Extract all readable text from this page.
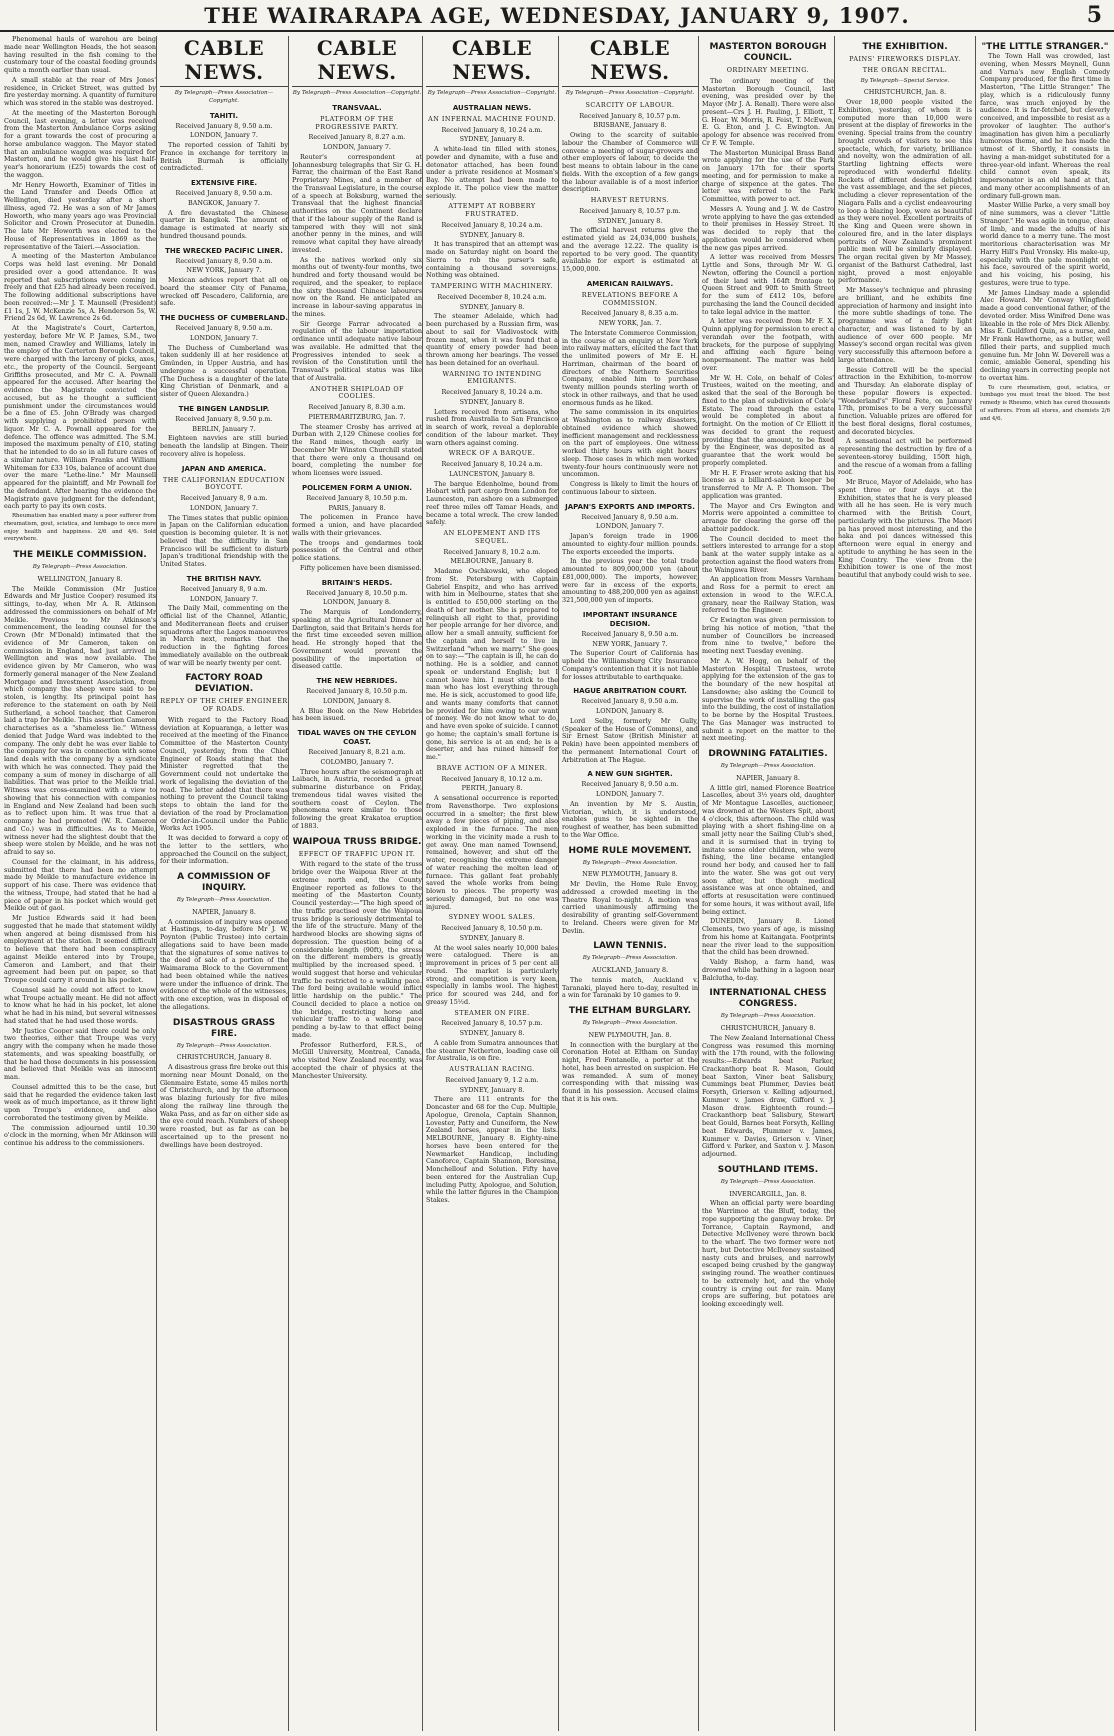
THE WAIRARAPA AGE, WEDNESDAY, JANUARY 9, 1907.	5

Phenomenal hauls of warehou are being made near Wellington Heads, the hot season having resulted in the fish coming to the customary tour of the coastal feeding grounds quite a month earlier than usual.

A small stable at the rear of Mrs Jones' residence, in Cricket Street, was gutted by fire yesterday morning. A quantity of furniture which was stored in the stable was destroyed.

At the meeting of the Masterton Borough Council, last evening, a letter was received from the Masterton Ambulance Corps asking for a grant towards the cost of procuring a horse ambulance waggon. The Mayor stated that an ambulance waggon was required for Masterton, and he would give his last half-year's honorarium (£25) towards the cost of the waggon.

Mr Henry Howorth, Examiner of Titles in the Land Transfer and Deeds Office at Wellington, died yesterday after a short illness, aged 72. He was a son of Mr James Howorth, who many years ago was Provincial Solicitor and Crown Prosecutor at Dunedin. The late Mr Howorth was elected to the House of Representatives in 1869 as the representative of the Taieri.—Association.

A meeting of the Masterton Ambulance Corps was held last evening. Mr Donald presided over a good attendance. It was reported that subscriptions were coming in freely and that £25 had already been received. The following additional subscriptions have been received:—Mr J. T. Maunsell (President) £1 1s, J. W. McKenzie 5s, A. Henderson 5s, W. Friend 2s 6d, W. Lawrence 2s 6d.

At the Magistrate's Court, Carterton, yesterday, before Mr W. P. James, S.M., two men, named Crawley and Williams, lately in the employ of the Carterton Borough Council, were charged with the larceny of picks, axes, etc., the property of the Council. Sergeant Griffiths prosecuted, and Mr C. A. Pownall appeared for the accused. After hearing the evidence the Magistrate convicted the accused, but as he thought a sufficient punishment under the circumstances would be a fine of £5. John O'Brady was charged with supplying a prohibited person with liquor. Mr C. A. Pownall appeared for the defence. The offence was admitted. The S.M. imposed the maximum penalty of £10, stating that he intended to do so in all future cases of a similar nature. William Franks and William Whiteman for £33 10s, balance of account due over the mare "Lethe-line." Mr Maunsell appeared for the plaintiff, and Mr Pownall for the defendant. After hearing the evidence the Magistrate gave judgment for the defendant, each party to pay its own costs.

Rheumatism has enabled many a poor sufferer from rheumatism, gout, sciatica, and lumbago to once more enjoy health and happiness. 2/6 and 4/6. Sold everywhere.

THE MEIKLE COMMISSION.
By Telegraph—Press Association.
WELLINGTON, January 8.

The Meikle Commission (Mr Justice Edwards and Mr Justice Cooper) resumed its sittings, to-day, when Mr A. R. Atkinson addressed the commissioners on behalf of Mr Meikle. Previous to Mr Atkinson's commencement, the leading counsel for the Crown (Mr M'Donald) intimated that the evidence of Mr Cameron, taken on commission in England, had just arrived in Wellington and was now available. The evidence given by Mr Cameron, who was formerly general manager of the New Zealand Mortgage and Investment Association, from which company the sheep were said to be stolen, is lengthy. Its principal point has reference to the statement on oath by Neil Sutherland, a school teacher, that Cameron laid a trap for Meikle. This assertion Cameron characterises as a "shameless lie." Witness denied that Judge Ward was indebted to the company. The only debt he was ever liable to the company for was in connection with some land deals with the company by a syndicate with which he was connected. They paid the company a sum of money in discharge of all liabilities. That was prior to the Meikle trial. Witness was cross-examined with a view to showing that his connection with companies in England and New Zealand had been such as to reflect upon him. It was true that a company he had promoted (W. R. Cameron and Co.) was in difficulties. As to Meikle, witness never had the slightest doubt that the sheep were stolen by Meikle, and he was not afraid to say so.

Counsel for the claimant, in his address, submitted that there had been no attempt made by Meikle to manufacture evidence in support of his case. There was evidence that the witness, Troupe, had stated that he had a piece of paper in his pocket which would get Meikle out of gaol.

Mr Justice Edwards said it had been suggested that he made that statement wildly when angered at being dismissed from his employment at the station. It seemed difficult to believe that there had been conspiracy against Meikle entered into by Troupe, Cameron and Lambert, and that their agreement had been put on paper, so that Troupe could carry it around in his pocket.

Counsel said he could not affect to know what Troupe actually meant. He did not affect to know what he had in his pocket, let alone what he had in his mind, but several witnesses had stated that he had used those words.

Mr Justice Cooper said there could be only two theories, either that Troupe was very angry with the company when he made those statements, and was speaking boastfully, or that he had those documents in his possession and believed that Meikle was an innocent man.

Counsel admitted this to be the case, but said that he regarded the evidence taken last week as of much importance, as it threw light upon Troupe's evidence, and also corroborated the testimony given by Meikle.

The commission adjourned until 10.30 o'clock in the morning, when Mr Atkinson will continue his address to the commissioners.

CABLE NEWS.
By Telegraph—Press Association—Copyright.
TAHITI.
Received January 8, 9.50 a.m.
LONDON, January 7.

The reported cession of Tahiti by France in exchange for territory in British Burmah is officially contradicted.

EXTENSIVE FIRE.
Received January 8, 9.50 a.m.
BANGKOK, January 7.

A fire devastated the Chinese quarter in Bangkok. The amount of damage is estimated at nearly six hundred thousand pounds.

THE WRECKED PACIFIC LINER.
Received January 8, 9.50 a.m.
NEW YORK, January 7.

Mexican advices report that all on board the steamer City of Panama, wrecked off Pescadero, California, are safe.

THE DUCHESS OF CUMBERLAND.
Received January 8, 9.50 a.m.
LONDON, January 7.

The Duchess of Cumberland was taken suddenly ill at her residence at Gmünden, in Upper Austria, and has undergone a successful operation. (The Duchess is a daughter of the late King Christian of Denmark, and a sister of Queen Alexandra.)

THE BINGEN LANDSLIP.
Received January 8, 9.50 p.m.
BERLIN, January 7.

Eighteen navvies are still buried beneath the landslip at Bingen. Their recovery alive is hopeless.

JAPAN AND AMERICA.
THE CALIFORNIAN EDUCATION BOYCOTT.
Received January 8, 9 a.m.
LONDON, January 7.

The Times states that public opinion in Japan on the Californian education question is becoming quieter. It is not believed that the difficulty in San Francisco will be sufficient to disturb Japan's traditional friendship with the United States.

THE BRITISH NAVY.
Received January 8, 9 a.m.
LONDON, January 7.

The Daily Mail, commenting on the official list of the Channel, Atlantic, and Mediterranean fleets and cruiser squadrons after the Lagos manoeuvres in March next, remarks that the reduction in the fighting forces immediately available on the outbreak of war will be nearly twenty per cent.

FACTORY ROAD DEVIATION.
REPLY OF THE CHIEF ENGINEER OF ROADS.

With regard to the Factory Road deviation at Kopuaranga, a letter was received at the meeting of the Finance Committee of the Masterton County Council, yesterday, from the Chief Engineer of Roads stating that the Minister regretted that the Government could not undertake the work of legalising the deviation of the road. The letter added that there was nothing to prevent the Council taking steps to obtain the land for the deviation of the road by Proclamation or Order-in-Council under the Public Works Act 1905.

It was decided to forward a copy of the letter to the settlers, who approached the Council on the subject, for their information.

A COMMISSION OF INQUIRY.
By Telegraph—Press Association.
NAPIER, January 8.

A commission of inquiry was opened at Hastings, to-day, before Mr J. W. Poynton (Public Trustee) into certain allegations said to have been made that the signatures of some natives to the deed of sale of a portion of the Waimarama Block to the Government had been obtained while the natives were under the influence of drink. The evidence of the whole of the witnesses, with one exception, was in disposal of the allegations.

DISASTROUS GRASS FIRE.
By Telegraph—Press Association.
CHRISTCHURCH, January 8.

A disastrous grass fire broke out this morning near Mount Donald, on the Glenmaire Estate, some 45 miles north of Christchurch, and by the afternoon was blazing furiously for five miles along the railway line through the Waka Pass, and as far on either side as the eye could reach. Numbers of sheep were roasted, but as far as can be ascertained up to the present no dwellings have been destroyed.

CABLE NEWS.
By Telegraph—Press Association—Copyright.
TRANSVAAL.
PLATFORM OF THE PROGRESSIVE PARTY.
Received January 8, 8.27 a.m.
LONDON, January 7.

Reuter's correspondent at Johannesburg telegraphs that Sir G. H. Farrar, the chairman of the East Rand Proprietary Mines, and a member of the Transvaal Legislature, in the course of a speech at Boksburg, warned the Transvaal that the highest financial authorities on the Continent declare that if the labour supply of the Rand is tampered with they will not sink another penny in the mines, and will remove what capital they have already invested.

As the natives worked only six months out of twenty-four months, two hundred and forty thousand would be required, and the speaker, to replace the sixty thousand Chinese labourers now on the Rand. He anticipated an increase in labour-saving apparatus in the mines.

Sir George Farrar advocated a regulation of the labour importation ordinance until adequate native labour was available. He admitted that the Progressives intended to seek a revision of the Constitution until the Transvaal's political status was like that of Australia.

ANOTHER SHIPLOAD OF COOLIES.
Received January 8, 8.30 a.m.
PIETERMARITZBURG, Jan. 7.

The steamer Crosby has arrived at Durban with 2,129 Chinese coolies for the Rand mines, though early in December Mr Winston Churchill stated that there were only a thousand on board, completing the number for whom licenses were issued.

POLICEMEN FORM A UNION.
Received January 8, 10.50 p.m.
PARIS, January 8.

The policemen in France have formed a union, and have placarded walls with their grievances.

The troops and gendarmes took possession of the Central and other police stations.

Fifty policemen have been dismissed.

BRITAIN'S HERDS.
Received January 8, 10.50 p.m.
LONDON, January 8.

The Marquis of Londonderry, speaking at the Agricultural Dinner at Darlington, said that Britain's herds for the first time exceeded seven million head. He strongly hoped that the Government would prevent the possibility of the importation of diseased cattle.

THE NEW HEBRIDES.
Received January 8, 10.50 p.m.
LONDON, January 8.

A Blue Book on the New Hebrides has been issued.

TIDAL WAVES ON THE CEYLON COAST.
Received January 8, 8.21 a.m.
COLOMBO, January 7.

Three hours after the seismograph at Laibach, in Austria, recorded a great submarine disturbance on Friday, tremendous tidal waves visited the southern coast of Ceylon. The phenomena were similar to those following the great Krakatoa eruption of 1883.

WAIPOUA TRUSS BRIDGE.
EFFECT OF TRAFFIC UPON IT.

With regard to the state of the truss bridge over the Waipoua River at the extreme north end, the County Engineer reported as follows to the meeting of the Masterton County Council yesterday:—"The high speed of the traffic practised over the Waipoua truss bridge is seriously detrimental to the life of the structure. Many of the hardwood blocks are showing signs of depression. The question being of a considerable length (90ft), the stress on the different members is greatly multiplied by the increased speed. I would suggest that horse and vehicular traffic be restricted to a walking pace. The ford being available would inflict little hardship on the public." The Council decided to place a notice on the bridge, restricting horse and vehicular traffic to a walking pace pending a by-law to that effect being made.

Professor Rutherford, F.R.S., of McGill University, Montreal, Canada, who visited New Zealand recently, was accepted the chair of physics at the Manchester University.

CABLE NEWS.
By Telegraph—Press Association—Copyright.
AUSTRALIAN NEWS.
AN INFERNAL MACHINE FOUND.
Received January 8, 10.24 a.m.
SYDNEY, January 8.

A white-lead tin filled with stones, powder and dynamite, with a fuse and detonator attached, has been found under a private residence at Mosman's Bay. No attempt had been made to explode it. The police view the matter seriously.

ATTEMPT AT ROBBERY FRUSTRATED.
Received January 8, 10.24 a.m.
SYDNEY, January 8.

It has transpired that an attempt was made on Saturday night on board the Sierra to rob the purser's safe, containing a thousand sovereigns. Nothing was obtained.

TAMPERING WITH MACHINERY.
Received December 8, 10.24 a.m.
SYDNEY, January 8.

The steamer Adelaide, which had been purchased by a Russian firm, was about to sail for Vladivostock with frozen meat, when it was found that a quantity of emery powder had been thrown among her bearings. The vessel has been detained for an overhaul.

WARNING TO INTENDING EMIGRANTS.
Received January 8, 10.24 a.m.
SYDNEY, January 8.

Letters received from artisans, who rushed from Australia to San Francisco in search of work, reveal a deplorable condition of the labour market. They warn others against coming.

WRECK OF A BARQUE.
Received January 8, 10.24 a.m.
LAUNCESTON, January 8.

The barque Edenholme, bound from Hobart with part cargo from London for Launceston, ran ashore on a submerged reef three miles off Tamar Heads, and became a total wreck. The crew landed safely.

AN ELOPEMENT AND ITS SEQUEL.
Received January 8, 10.2 a.m.
MELBOURNE, January 8.

Madame Oschkowski, who eloped from St. Petersburg with Captain Gabriel Enspitz, and who has arrived with him in Melbourne, states that she is entitled to £50,000 sterling on the death of her mother. She is prepared to relinquish all right to that, providing her people arrange for her divorce, and allow her a small annuity, sufficient for the captain and herself to live in Switzerland "when we marry." She goes on to say:—"The captain is ill, he can do nothing. He is a soldier, and cannot speak or understand English; but I cannot leave him. I must stick to the man who has lost everything through me. He is sick, accustomed to good life, and wants many comforts that cannot be provided for him owing to our want of money. We do not know what to do, and have even spoke of suicide. I cannot go home; the captain's small fortune is gone, his service is at an end; he is a deserter, and has ruined himself for me."

BRAVE ACTION OF A MINER.
Received January 8, 10.12 a.m.
PERTH, January 8.

A sensational occurrence is reported from Ravensthorpe. Two explosions occurred in a smelter; the first blew away a few pieces of piping, and also exploded in the furnace. The men working in the vicinity made a rush to get away. One man named Townsend, remained, however, and shut off the water, recognising the extreme danger of water reaching the molten lead of furnace. This gallant feat probably saved the whole works from being blown to pieces. The property was seriously damaged, but no one was injured.

SYDNEY WOOL SALES.
Received January 8, 10.50 p.m.
SYDNEY, January 8.

At the wool sales nearly 10,000 bales were catalogued. There is an improvement in prices of 5 per cent all round. The market is particularly strong, and competition is very keen, especially in lambs wool. The highest price for scoured was 24d, and for greasy 15½d.

STEAMER ON FIRE.
Received January 8, 10.57 p.m.
SYDNEY, January 8.

A cable from Sumatra announces that the steamer Netherton, loading case oil for Australia, is on fire.

AUSTRALIAN RACING.
Received January 9, 1.2 a.m.
SYDNEY, January 8.

There are 111 entrants for the Doncaster and 68 for the Cup. Multiple, Apologue, Grenola, Captain Shannon, Lovester, Patty and Cuneiform, the New Zealand horses, appear in the lists. MELBOURNE, January 8. Eighty-nine horses have been entered for the Newmarket Handicap, including Canoforce, Captain Shannon, Boresima, Monchellouf and Solution. Fifty have been entered for the Australian Cup, including Putty, Apologue, and Solution, while the latter figures in the Champion Stakes.

CABLE NEWS.
By Telegraph—Press Association—Copyright.
SCARCITY OF LABOUR.
Received January 8, 10.57 p.m.
BRISBANE, January 8.

Owing to the scarcity of suitable labour the Chamber of Commerce will convene a meeting of sugar-growers and other employers of labour, to decide the best means to obtain labour in the cane fields. With the exception of a few gangs the labour available is of a most inferior description.

HARVEST RETURNS.
Received January 8, 10.57 p.m.
SYDNEY, January 8.

The official harvest returns give the estimated yield as 24,034,000 bushels, and the average 12.22. The quality is reported to be very good. The quantity available for export is estimated at 15,000,000.

AMERICAN RAILWAYS.
REVELATIONS BEFORE A COMMISSION.
Received January 8, 8.35 a.m.
NEW YORK, Jan. 7.

The Interstate Commerce Commission, in the course of an enquiry at New York into railway matters, elicited the fact that the unlimited powers of Mr E. H. Harriman, chairman of the board of directors of the Northern Securities Company, enabled him to purchase twenty million pounds sterling worth of stock in other railways, and that he used enormous funds as he liked.

The same commission in its enquiries at Washington as to railway disasters, obtained evidence which showed inefficient management and recklessness on the part of employees. One witness worked thirty hours with eight hours' sleep. Those cases in which men worked twenty-four hours continuously were not uncommon.

Congress is likely to limit the hours of continuous labour to sixteen.

JAPAN'S EXPORTS AND IMPORTS.
Received January 8, 9.50 a.m.
LONDON, January 7.

Japan's foreign trade in 1906 amounted to eighty-four million pounds. The exports exceeded the imports.

In the previous year the total trade amounted to 809,000,000 yen (about £81,000,000). The imports, however, were far in excess of the exports, amounting to 488,200,000 yen as against 321,500,000 yen of imports.

IMPORTANT INSURANCE DECISION.
Received January 8, 9.50 a.m.
NEW YORK, January 7.

The Superior Court of California has upheld the Williamsburg City Insurance Company's contention that it is not liable for losses attributable to earthquake.

HAGUE ARBITRATION COURT.
Received January 8, 9.50 a.m.
LONDON, January 8.

Lord Selby, formerly Mr Gully, (Speaker of the House of Commons), and Sir Ernest Satow (British Minister at Pekin) have been appointed members of the permanent International Court of Arbitration at The Hague.

A NEW GUN SIGHTER.
Received January 8, 9.50 a.m.
LONDON, January 7.

An invention by Mr S. Austin, Victorian, which, it is understood, enables guns to be sighted in the roughest of weather, has been submitted to the War Office.

HOME RULE MOVEMENT.
By Telegraph—Press Association.
NEW PLYMOUTH, January 8.

Mr Devlin, the Home Rule Envoy, addressed a crowded meeting in the Theatre Royal to-night. A motion was carried unanimously affirming the desirability of granting self-Government to Ireland. Cheers were given for Mr Devlin.

LAWN TENNIS.
By Telegraph—Press Association.
AUCKLAND, January 8.

The tennis match, Auckland v. Taranaki, played here to-day, resulted in a win for Taranaki by 10 games to 9.

THE ELTHAM BURGLARY.
By Telegraph—Press Association.
NEW PLYMOUTH, Jan. 8.

In connection with the burglary at the Coronation Hotel at Eltham on Sunday night, Fred Fontanelle, a porter at the hotel, has been arrested on suspicion. He was remanded. A sum of money corresponding with that missing was found in his possession. Accused claims that it is his own.

MASTERTON BOROUGH COUNCIL.
ORDINARY MEETING.

The ordinary meeting of the Masterton Borough Council, last evening, was presided over by the Mayor (Mr J. A. Renall). There were also present—Crs J. H. Pauling, J. Elliott, T. G. Hoar, W. Morris, R. Feist, T. McEwen, E. G. Eton, and J. C. Ewington. An apology for absence was received from Cr F. W. Temple.

The Masterton Municipal Brass Band wrote applying for the use of the Park on January 17th for their sports meeting, and for permission to make a charge of sixpence at the gates. The letter was referred to the Park Committee, with power to act.

Messrs A. Young and J. W. de Castro wrote applying to have the gas extended to their premises in Hessey Street. It was decided to reply that the application would be considered when the new gas pipes arrived.

A letter was received from Messrs Lyttle and Sons, through Mr W. G. Newton, offering the Council a portion of their land with 164ft frontage to Queen Street and 90ft to Smith Street for the sum of £412 10s, before purchasing the land the Council decided to take legal advice in the matter.

A letter was received from Mr F. X. Quinn applying for permission to erect a verandah over the footpath, with brackets, for the purpose of supplying and affixing each figure being nonpermanent. The matter was held over.

Mr W. H. Cole, on behalf of Coles' Trustees, waited on the meeting, and asked that the seal of the Borough be fixed to the plan of subdivision of Cole's Estate. The road through the estate would be completed in about a fortnight. On the motion of Cr Elliott it was decided to grant the request providing that the amount, to be fixed by the Engineer, was deposited as a guarantee that the work would be properly completed.

Mr H. F. Fraser wrote asking that his license as a billiard-saloon keeper be transferred to Mr A. P. Thomson. The application was granted.

The Mayor and Crs Ewington and Morris were appointed a committee to arrange for clearing the gorse off the abattoir paddock.

The Council decided to meet the settlers interested to arrange for a stop bank at the water supply intake as a protection against the flood waters from the Waingawa River.

An application from Messrs Varnham and Ross for a permit to erect an extension in wood to the W.F.C.A. granary, near the Railway Station, was referred to the Engineer.

Cr Ewington was given permission to bring his notice of motion, "that the number of Councillors be increased from nine to twelve," before the meeting next Tuesday evening.

Mr A. W. Hogg, on behalf of the Masterton Hospital Trustees, wrote applying for the extension of the gas to the boundary of the new hospital at Lansdowne; also asking the Council to supervise the work of installing the gas into the building, the cost of installation to be borne by the Hospital Trustees. The Gas Manager was instructed to submit a report on the matter to the next meeting.

DROWNING FATALITIES.
By Telegraph—Press Association.
NAPIER, January 8.

A little girl, named Florence Beatrice Lascelles, about 3½ years old, daughter of Mr Montague Lascelles, auctioneer, was drowned at the Westers Spit, about 4 o'clock, this afternoon. The child was playing with a short fishing-line on a small jetty near the Sailing Club's shed, and it is surmised that in trying to imitate some older children, who were fishing, the line became entangled round her body, and caused her to fall into the water. She was got out very soon after, but though medical assistance was at once obtained, and efforts at resuscitation were continued for some hours, it was without avail, life being extinct.

DUNEDIN, January 8. Lionel Clements, two years of age, is missing from his home at Kaitangata. Footprints near the river lead to the supposition that the child has been drowned.

Valdy Bishop, a farm hand, was drowned while bathing in a lagoon near Balclutha, to-day.

INTERNATIONAL CHESS CONGRESS.
By Telegraph—Press Association.
CHRISTCHURCH, January 8.

The New Zealand International Chess Congress was resumed this morning with the 17th round, with the following results:—Edwards beat Parker, Crackanthorp beat R. Mason, Gould beat Saxton, Viner beat Salisbury, Cummings beat Plummer, Davies beat Forsyth, Grierson v. Kelling adjourned, Kummer v. James draw, Gifford v. J. Mason draw. Eighteenth round:—Crackanthorp beat Salisbury, Stewart beat Gould, Barnes beat Forsyth, Kelling beat Edwards, Plummer v. James, Kummer v. Davies, Grierson v. Viner, Gifford v. Parker, and Saxton v. J. Mason adjourned.

SOUTHLAND ITEMS.
By Telegraph—Press Association.
INVERCARGILL, Jan. 8.

When an official party were boarding the Warrimoo at the Bluff, today, the rope supporting the gangway broke. Dr Torrance, Captain Raymond, and Detective McIlveney were thrown back to the wharf. The two former were not hurt, but Detective McIlveney sustained nasty cuts and bruises, and narrowly escaped being crushed by the gangway swinging round. The weather continues to be extremely hot, and the whole country is crying out for rain. Many crops are suffering, but potatoes are looking exceedingly well.

THE EXHIBITION.
PAINS' FIREWORKS DISPLAY.
THE ORGAN RECITAL.
By Telegraph—Special Service.
CHRISTCHURCH, Jan. 8.

Over 18,000 people visited the Exhibition, yesterday, of whom it is computed more than 10,000 were present at the display of fireworks in the evening. Special trains from the country brought crowds of visitors to see this spectacle, which, for variety, brilliance and novelty, won the admiration of all. Startling lightning effects were reproduced with wonderful fidelity. Rockets of different designs delighted the vast assemblage, and the set pieces, including a clever representation of the Niagara Falls and a cyclist endeavouring to loop a blazing loop, were as beautiful as they were novel. Excellent portraits of the King and Queen were shown in coloured fire, and in the later displays portraits of New Zealand's prominent public men will be similarly displayed. The organ recital given by Mr Massey, organist of the Bathurst Cathedral, last night, proved a most enjoyable performance.

Mr Massey's technique and phrasing are brilliant, and he exhibits fine appreciation of harmony and insight into the more subtle shadings of tone. The programme was of a fairly light character, and was listened to by an audience of over 600 people. Mr Massey's second organ recital was given very successfully this afternoon before a large attendance.

Bessie Cottrell will be the special attraction in the Exhibition, to-morrow and Thursday. An elaborate display of these popular flowers is expected. "Wonderland's" Floral Fete, on January 17th, promises to be a very successful function. Valuable prizes are offered for the best floral designs, floral costumes, and decorated bicycles.

A sensational act will be performed representing the destruction by fire of a seventeen-storey building, 150ft high, and the rescue of a woman from a falling roof.

Mr Bruce, Mayor of Adelaide, who has spent three or four days at the Exhibition, states that he is very pleased with all he has seen. He is very much charmed with the British Court, particularly with the pictures. The Maori pa has proved most interesting, and the haka and poi dances witnessed this afternoon were equal in energy and aptitude to anything he has seen in the King Country. The view from the Exhibition tower is one of the most beautiful that anybody could wish to see.

"THE LITTLE STRANGER."

The Town Hall was crowded, last evening, when Messrs Meynell, Gunn and Varna's new English Comedy Company produced, for the first time in Masterton, "The Little Stranger." The play, which is a ridiculously funny farce, was much enjoyed by the audience. It is far-fetched, but cleverly conceived, and impossible to resist as a provoker of laughter. The author's imagination has given him a peculiarly humorous theme, and he has made the utmost of it. Shortly, it consists in having a man-midget substituted for a three-year-old infant. Whereas the real child cannot even speak, its impersonator is an old hand at that, and many other accomplishments of an ordinary full-grown man.

Master Willie Parke, a very small boy of nine summers, was a clever "Little Stranger." He was agile in tongue, clear of limb, and made the adults of his world dance to a merry tune. The most meritorious characterisation was Mr Harry Hill's Paul Vronsky. His make-up, especially with the pale moonlight on his face, savoured of the spirit world, and his voicing, his posing, his gestures, were true to type.

Mr James Lindsay made a splendid Alec Howard. Mr Conway Wingfield made a good conventional father, of the devoted order. Miss Winifred Dene was likeable in the role of Mrs Dick Allenby. Miss E. Guildford Quin, as a nurse, and Mr Frank Hawthorne, as a butler, well filled their parts, and supplied much genuine fun. Mr John W. Deverell was a comic, amiable General, spending his declining years in correcting people not to overtax him.

To cure rheumatism, gout, sciatica, or lumbago you must treat the blood. The best remedy is Rheumo, which has cured thousands of sufferers. From all stores, and chemists 2/6 and 4/6.
